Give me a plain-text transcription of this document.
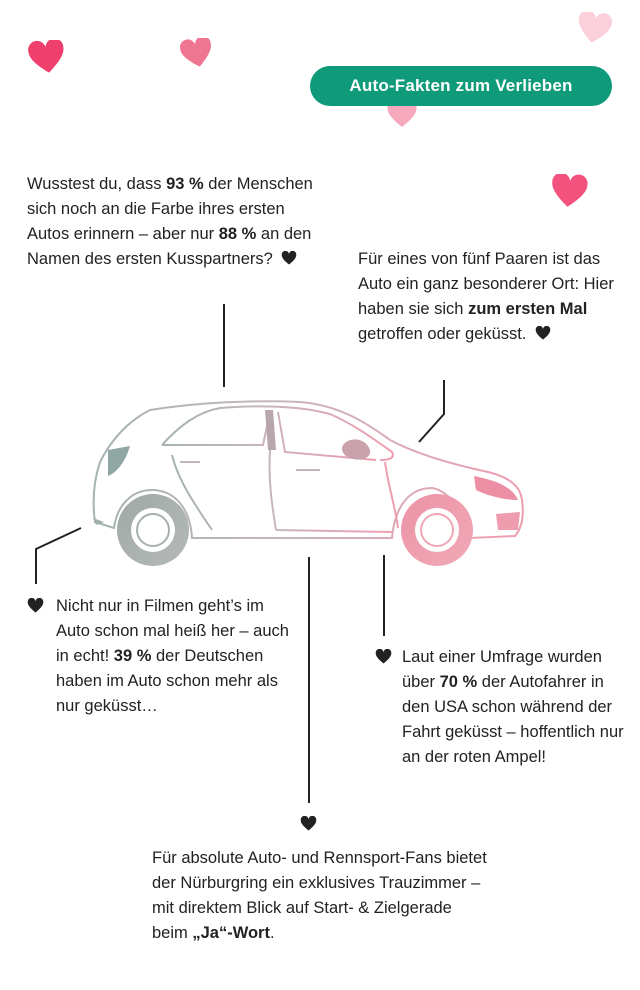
Auto-Fakten zum Verlieben

Wusstest du, dass 93 % der Menschen sich noch an die Farbe ihres ersten Autos erinnern – aber nur 88 % an den Namen des ersten Kusspartners?	Für eines von fünf Paaren ist das Auto ein ganz besonderer Ort: Hier haben sie sich zum ersten Mal getroffen oder geküsst.

Nicht nur in Filmen geht’s im Auto schon mal heiß her – auch in echt! 39 % der Deutschen haben im Auto schon mehr als nur geküsst…

Laut einer Umfrage wurden über 70 % der Autofahrer in den USA schon während der Fahrt geküsst – hoffentlich nur an der roten Ampel!

Für absolute Auto- und Rennsport-Fans bietet der Nürburgring ein exklusives Trauzimmer – mit direktem Blick auf Start- & Zielgerade beim „Ja“-Wort.
